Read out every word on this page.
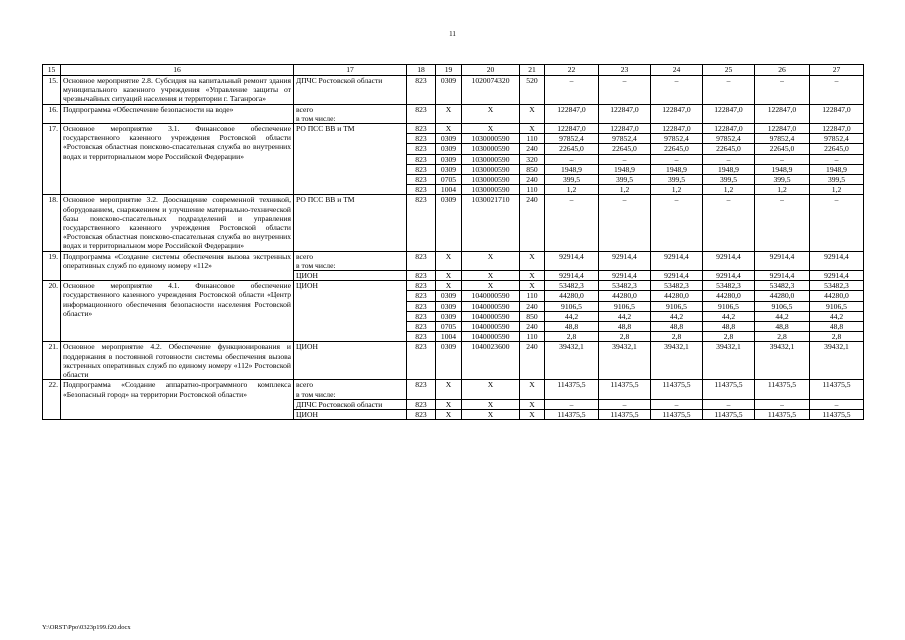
11
15	16	17	18	19	20	21	22	23	24	25	26	27
15.	Основное мероприятие 2.8. Субсидия на капитальный ремонт здания муниципального казенного учреждения «Управление защиты от чрезвычайных ситуаций населения и территории г. Таганрога»	ДПЧС Ростовской области	823	0309	1020074320	520	–	–	–	–	–	–
16.	Подпрограмма «Обеспечение безопасности на воде»	всего
в том числе:	823	X	X	X	122847,0	122847,0	122847,0	122847,0	122847,0	122847,0
17.	Основное мероприятие 3.1. Финансовое обеспечение государственного казенного учреждения Ростовской области «Ростовская областная поисково-спасательная служба во внутренних водах и территориальном море Российской Федерации»	РО ПСС ВВ и ТМ	823	X	X	X	122847,0	122847,0	122847,0	122847,0	122847,0	122847,0
			823	0309	1030000590	110	97852,4	97852,4	97852,4	97852,4	97852,4	97852,4
			823	0309	1030000590	240	22645,0	22645,0	22645,0	22645,0	22645,0	22645,0
			823	0309	1030000590	320	–	–	–	–	–	–
			823	0309	1030000590	850	1948,9	1948,9	1948,9	1948,9	1948,9	1948,9
			823	0705	1030000590	240	399,5	399,5	399,5	399,5	399,5	399,5
			823	1004	1030000590	110	1,2	1,2	1,2	1,2	1,2	1,2
18.	Основное мероприятие 3.2. Дооснащение современной техникой, оборудованием, снаряжением и улучшение материально-технической базы поисково-спасательных подразделений и управления государственного казенного учреждения Ростовской области «Ростовская областная поисково-спасательная служба во внутренних водах и территориальном море Российской Федерации»	РО ПСС ВВ и ТМ	823	0309	1030021710	240	–	–	–	–	–	–
19.	Подпрограмма «Создание системы обеспечения вызова экстренных оперативных служб по единому номеру «112»	всего
в том числе:	823	X	X	X	92914,4	92914,4	92914,4	92914,4	92914,4	92914,4
		ЦИОН	823	X	X	X	92914,4	92914,4	92914,4	92914,4	92914,4	92914,4
20.	Основное мероприятие 4.1. Финансовое обеспечение государственного казенного учреждения Ростовской области «Центр информационного обеспечения безопасности населения Ростовской области»	ЦИОН	823	X	X	X	53482,3	53482,3	53482,3	53482,3	53482,3	53482,3
			823	0309	1040000590	110	44280,0	44280,0	44280,0	44280,0	44280,0	44280,0
			823	0309	1040000590	240	9106,5	9106,5	9106,5	9106,5	9106,5	9106,5
			823	0309	1040000590	850	44,2	44,2	44,2	44,2	44,2	44,2
			823	0705	1040000590	240	48,8	48,8	48,8	48,8	48,8	48,8
			823	1004	1040000590	110	2,8	2,8	2,8	2,8	2,8	2,8
21.	Основное мероприятие 4.2. Обеспечение функционирования и поддержания в постоянной готовности системы обеспечения вызова экстренных оперативных служб по единому номеру «112» Ростовской области	ЦИОН	823	0309	1040023600	240	39432,1	39432,1	39432,1	39432,1	39432,1	39432,1
22.	Подпрограмма «Создание аппаратно-программного комплекса «Безопасный город» на территории Ростовской области»	всего
в том числе:	823	X	X	X	114375,5	114375,5	114375,5	114375,5	114375,5	114375,5
		ДПЧС Ростовской области	823	X	X	X	–	–	–	–	–	–
		ЦИОН	823	X	X	X	114375,5	114375,5	114375,5	114375,5	114375,5	114375,5
Y:\ORST\Ppo\0323p199.f20.docx
